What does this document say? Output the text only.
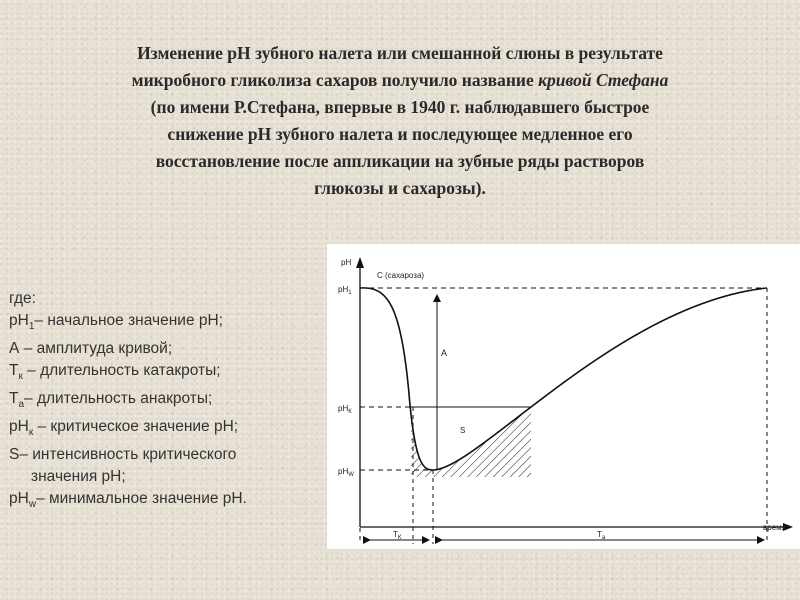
Изменение pH зубного налета или смешанной слюны в результате
микробного гликолиза сахаров получило название кривой Стефана
(по имени Р.Стефана, впервые в 1940 г. наблюдавшего быстрое
снижение pH зубного налета и последующее медленное его
восстановление после аппликации на зубные ряды растворов
глюкозы и сахарозы).
где:
$pH_1-$ начальное значение pH;
А – амплитуда кривой;
$T_к$ – длительность катакроты;
$T_а-$ длительность анакроты;
$pH_к$ – критическое значение pH;
S– интенсивность критического
значения pH;
$pH_w-$ минимальное значение pH.
pH
С (сахароза)
$pH_1$
$pH_К$
$pH_W$
А
S
время
$T_К$	$T_а$
